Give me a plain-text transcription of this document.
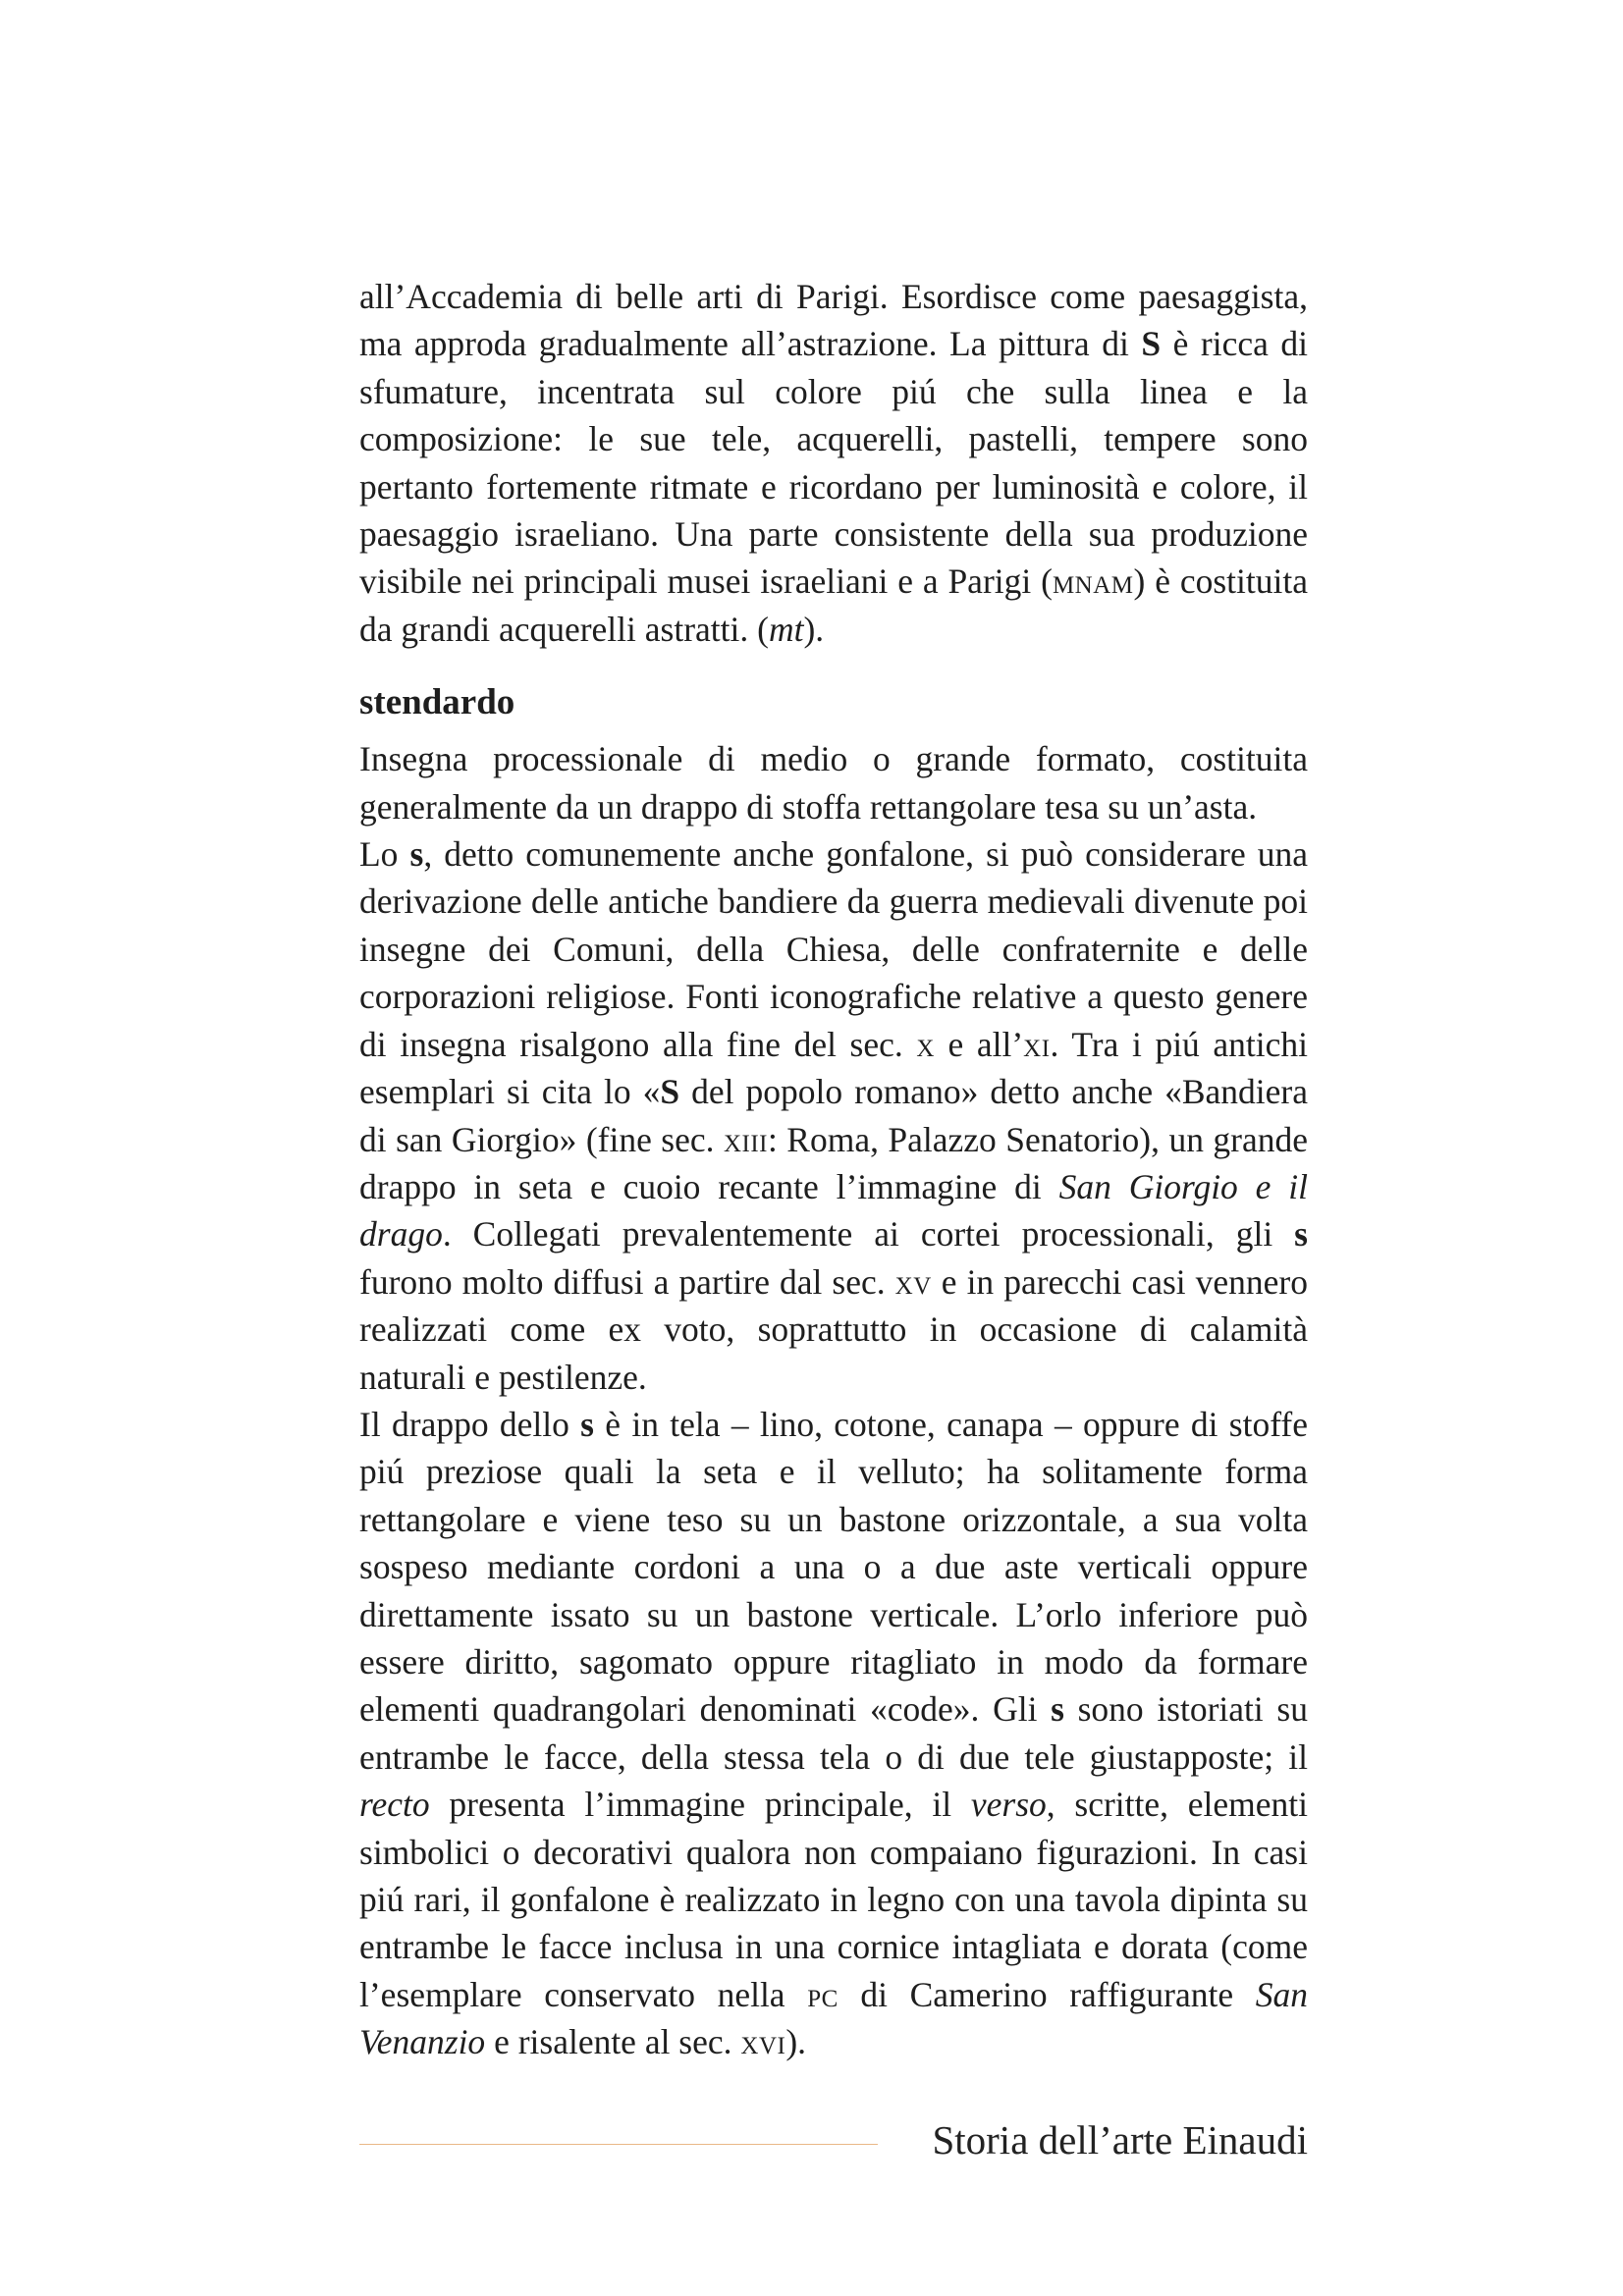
all’Accademia di belle arti di Parigi. Esordisce come paesaggista, ma approda gradualmente all’astrazione. La pittura di S è ricca di sfumature, incentrata sul colore piú che sulla linea e la composizione: le sue tele, acquerelli, pastelli, tempere sono pertanto fortemente ritmate e ricordano per luminosità e colore, il paesaggio israeliano. Una parte consistente della sua produzione visibile nei principali musei israeliani e a Parigi (mnam) è costituita da grandi acquerelli astratti. (mt).

stendardo

Insegna processionale di medio o grande formato, costituita generalmente da un drappo di stoffa rettangolare tesa su un’asta.

Lo s, detto comunemente anche gonfalone, si può considerare una derivazione delle antiche bandiere da guerra medievali divenute poi insegne dei Comuni, della Chiesa, delle confraternite e delle corporazioni religiose. Fonti iconografiche relative a questo genere di insegna risalgono alla fine del sec. x e all’xi. Tra i piú antichi esemplari si cita lo «S del popolo romano» detto anche «Bandiera di san Giorgio» (fine sec. xiii: Roma, Palazzo Senatorio), un grande drappo in seta e cuoio recante l’immagine di San Giorgio e il drago. Collegati prevalentemente ai cortei processionali, gli s furono molto diffusi a partire dal sec. xv e in parecchi casi vennero realizzati come ex voto, soprattutto in occasione di calamità naturali e pestilenze.

Il drappo dello s è in tela – lino, cotone, canapa – oppure di stoffe piú preziose quali la seta e il velluto; ha solitamente forma rettangolare e viene teso su un bastone orizzontale, a sua volta sospeso mediante cordoni a una o a due aste verticali oppure direttamente issato su un bastone verticale. L’orlo inferiore può essere diritto, sagomato oppure ritagliato in modo da formare elementi quadrangolari denominati «code». Gli s sono istoriati su entrambe le facce, della stessa tela o di due tele giustapposte; il recto presenta l’immagine principale, il verso, scritte, elementi simbolici o decorativi qualora non compaiano figurazioni. In casi piú rari, il gonfalone è realizzato in legno con una tavola dipinta su entrambe le facce inclusa in una cornice intagliata e dorata (come l’esemplare conservato nella pc di Camerino raffigurante San Venanzio e risalente al sec. xvi).

Storia dell’arte Einaudi
